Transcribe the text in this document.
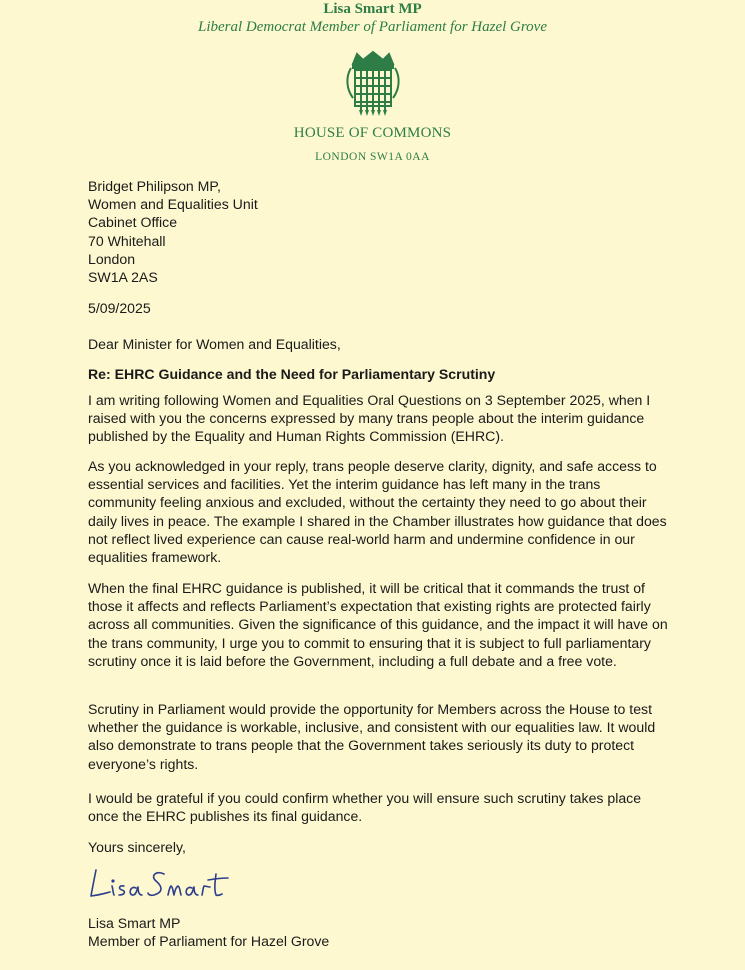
Lisa Smart MP
Liberal Democrat Member of Parliament for Hazel Grove
HOUSE OF COMMONS
LONDON SW1A 0AA
Bridget Philipson MP,
Women and Equalities Unit
Cabinet Office
70 Whitehall
London
SW1A 2AS
5/09/2025
Dear Minister for Women and Equalities,
Re: EHRC Guidance and the Need for Parliamentary Scrutiny

I am writing following Women and Equalities Oral Questions on 3 September 2025, when I raised with you the concerns expressed by many trans people about the interim guidance published by the Equality and Human Rights Commission (EHRC).

As you acknowledged in your reply, trans people deserve clarity, dignity, and safe access to essential services and facilities. Yet the interim guidance has left many in the trans community feeling anxious and excluded, without the certainty they need to go about their daily lives in peace. The example I shared in the Chamber illustrates how guidance that does not reflect lived experience can cause real-world harm and undermine confidence in our equalities framework.

When the final EHRC guidance is published, it will be critical that it commands the trust of those it affects and reflects Parliament’s expectation that existing rights are protected fairly across all communities. Given the significance of this guidance, and the impact it will have on the trans community, I urge you to commit to ensuring that it is subject to full parliamentary scrutiny once it is laid before the Government, including a full debate and a free vote.

Scrutiny in Parliament would provide the opportunity for Members across the House to test whether the guidance is workable, inclusive, and consistent with our equalities law. It would also demonstrate to trans people that the Government takes seriously its duty to protect everyone’s rights.

I would be grateful if you could confirm whether you will ensure such scrutiny takes place once the EHRC publishes its final guidance.

Yours sincerely,
Lisa Smart MP
Member of Parliament for Hazel Grove
